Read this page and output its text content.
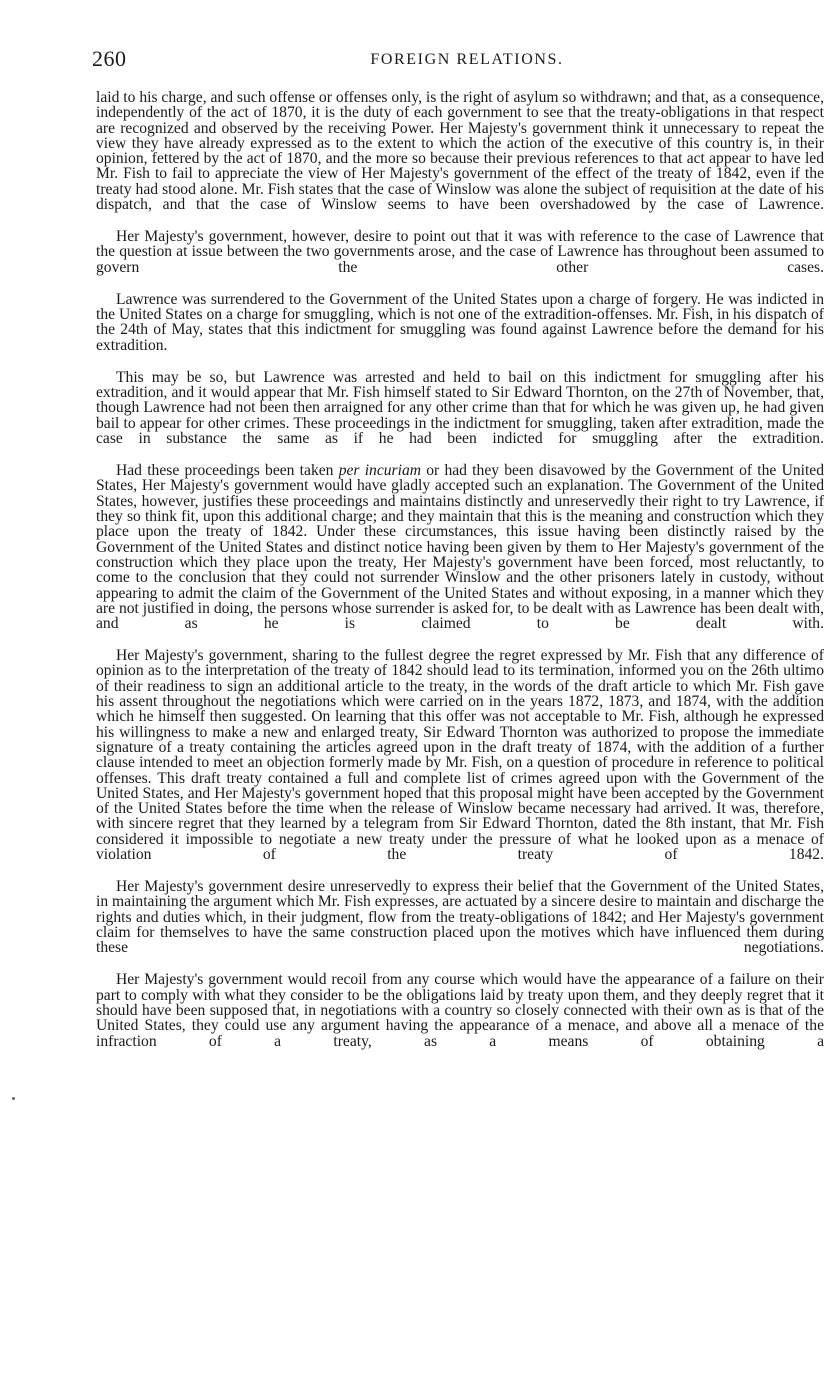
260	FOREIGN RELATIONS.

laid to his charge, and such offense or offenses only, is the right of asylum so withdrawn; and that, as a consequence, independently of the act of 1870, it is the duty of each government to see that the treaty-obligations in that respect are recognized and observed by the receiving Power. Her Majesty's government think it unnecessary to repeat the view they have already expressed as to the extent to which the action of the executive of this country is, in their opinion, fettered by the act of 1870, and the more so because their previous references to that act appear to have led Mr. Fish to fail to appreciate the view of Her Majesty's government of the effect of the treaty of 1842, even if the treaty had stood alone. Mr. Fish states that the case of Winslow was alone the subject of requisition at the date of his dispatch, and that the case of Winslow seems to have been overshadowed by the case of Lawrence.

Her Majesty's government, however, desire to point out that it was with reference to the case of Lawrence that the question at issue between the two governments arose, and the case of Lawrence has throughout been assumed to govern the other cases.

Lawrence was surrendered to the Government of the United States upon a charge of forgery. He was indicted in the United States on a charge for smuggling, which is not one of the extradition-offenses. Mr. Fish, in his dispatch of the 24th of May, states that this indictment for smuggling was found against Lawrence before the demand for his extradition.

This may be so, but Lawrence was arrested and held to bail on this indictment for smuggling after his extradition, and it would appear that Mr. Fish himself stated to Sir Edward Thornton, on the 27th of November, that, though Lawrence had not been then arraigned for any other crime than that for which he was given up, he had given bail to appear for other crimes. These proceedings in the indictment for smuggling, taken after extradition, made the case in substance the same as if he had been indicted for smuggling after the extradition.

Had these proceedings been taken per incuriam or had they been disavowed by the Government of the United States, Her Majesty's government would have gladly accepted such an explanation. The Government of the United States, however, justifies these proceedings and maintains distinctly and unreservedly their right to try Lawrence, if they so think fit, upon this additional charge; and they maintain that this is the meaning and construction which they place upon the treaty of 1842. Under these circumstances, this issue having been distinctly raised by the Government of the United States and distinct notice having been given by them to Her Majesty's government of the construction which they place upon the treaty, Her Majesty's government have been forced, most reluctantly, to come to the conclusion that they could not surrender Winslow and the other prisoners lately in custody, without appearing to admit the claim of the Government of the United States and without exposing, in a manner which they are not justified in doing, the persons whose surrender is asked for, to be dealt with as Lawrence has been dealt with, and as he is claimed to be dealt with.

Her Majesty's government, sharing to the fullest degree the regret expressed by Mr. Fish that any difference of opinion as to the interpretation of the treaty of 1842 should lead to its termination, informed you on the 26th ultimo of their readiness to sign an additional article to the treaty, in the words of the draft article to which Mr. Fish gave his assent throughout the negotiations which were carried on in the years 1872, 1873, and 1874, with the addition which he himself then suggested. On learning that this offer was not acceptable to Mr. Fish, although he expressed his willingness to make a new and enlarged treaty, Sir Edward Thornton was authorized to propose the immediate signature of a treaty containing the articles agreed upon in the draft treaty of 1874, with the addition of a further clause intended to meet an objection formerly made by Mr. Fish, on a question of procedure in reference to political offenses. This draft treaty contained a full and complete list of crimes agreed upon with the Government of the United States, and Her Majesty's government hoped that this proposal might have been accepted by the Government of the United States before the time when the release of Winslow became necessary had arrived. It was, therefore, with sincere regret that they learned by a telegram from Sir Edward Thornton, dated the 8th instant, that Mr. Fish considered it impossible to negotiate a new treaty under the pressure of what he looked upon as a menace of violation of the treaty of 1842.

Her Majesty's government desire unreservedly to express their belief that the Government of the United States, in maintaining the argument which Mr. Fish expresses, are actuated by a sincere desire to maintain and discharge the rights and duties which, in their judgment, flow from the treaty-obligations of 1842; and Her Majesty's government claim for themselves to have the same construction placed upon the motives which have influenced them during these negotiations.

Her Majesty's government would recoil from any course which would have the appearance of a failure on their part to comply with what they consider to be the obligations laid by treaty upon them, and they deeply regret that it should have been supposed that, in negotiations with a country so closely connected with their own as is that of the United States, they could use any argument having the appearance of a menace, and above all a menace of the infraction of a treaty, as a means of obtaining a
